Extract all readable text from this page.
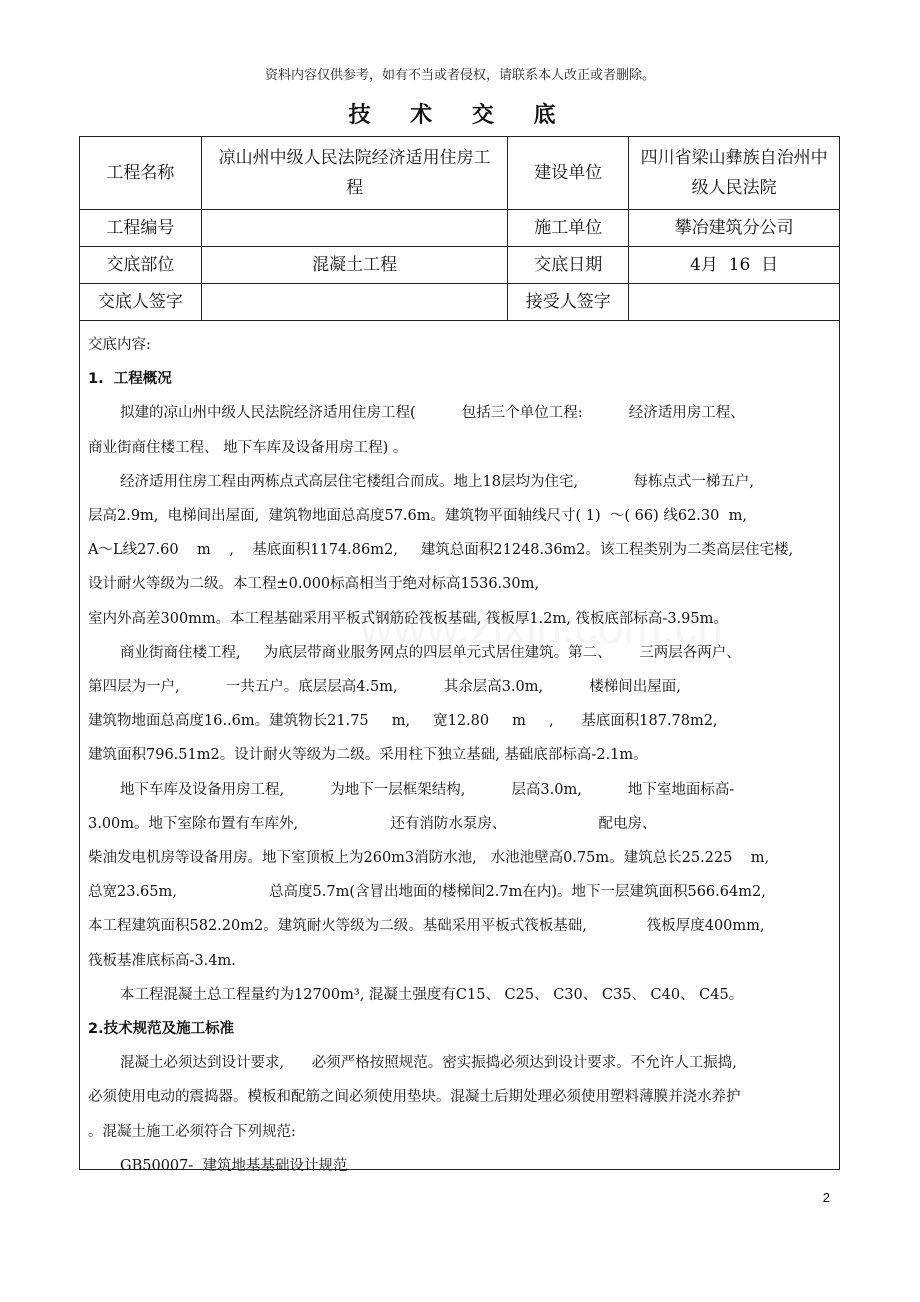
资料内容仅供参考，如有不当或者侵权，请联系本人改正或者删除。
技 术 交 底
工程名称	凉山州中级人民法院经济适用住房工程	建设单位	四川省梁山彝族自治州中级人民法院
工程编号		施工单位	攀冶建筑分公司
交底部位	混凝土工程	交底日期	4月  16  日
交底人签字		接受人签字	

交底内容:

1.  工程概况

拟建的凉山州中级人民法院经济适用住房工程(          包括三个单位工程:          经济适用房工程、

商业街商住楼工程、 地下车库及设备用房工程) 。

经济适用住房工程由两栋点式高层住宅楼组合而成。地上18层均为住宅,            每栋点式一梯五户,

层高2.9m,  电梯间出屋面,  建筑物地面总高度57.6m。建筑物平面轴线尺寸( 1)  ～( 66) 线62.30  m,

A～L线27.60    m    ,    基底面积1174.86m2,     建筑总面积21248.36m2。该工程类别为二类高层住宅楼,

设计耐火等级为二级。本工程±0.000标高相当于绝对标高1536.30m,

室内外高差300mm。本工程基础采用平板式钢筋砼筏板基础, 筏板厚1.2m, 筏板底部标高-3.95m。

商业街商住楼工程,     为底层带商业服务网点的四层单元式居住建筑。第二、      三两层各两户、

第四层为一户,          一共五户。底层层高4.5m,          其余层高3.0m,          楼梯间出屋面,

建筑物地面总高度16..6m。建筑物长21.75     m,     宽12.80     m     ,      基底面积187.78m2,

建筑面积796.51m2。设计耐火等级为二级。采用柱下独立基础, 基础底部标高-2.1m。

地下车库及设备用房工程,          为地下一层框架结构,          层高3.0m,          地下室地面标高-

3.00m。地下室除布置有车库外,                    还有消防水泵房、                    配电房、

柴油发电机房等设备用房。地下室顶板上为260m3消防水池,   水池池壁高0.75m。建筑总长25.225    m,

总宽23.65m,                    总高度5.7m(含冒出地面的楼梯间2.7m在内)。地下一层建筑面积566.64m2,

本工程建筑面积582.20m2。建筑耐火等级为二级。基础采用平板式筏板基础,             筏板厚度400mm,

筏板基准底标高-3.4m.

本工程混凝土总工程量约为12700m³, 混凝土强度有C15、 C25、 C30、 C35、 C40、 C45。

2.技术规范及施工标准

混凝土必须达到设计要求,      必须严格按照规范。密实振捣必须达到设计要求。不允许人工振捣,

必须使用电动的震捣器。模板和配筋之间必须使用垫块。混凝土后期处理必须使用塑料薄膜并浇水养护

。混凝土施工必须符合下列规范:

GB50007-  建筑地基基础设计规范

2
